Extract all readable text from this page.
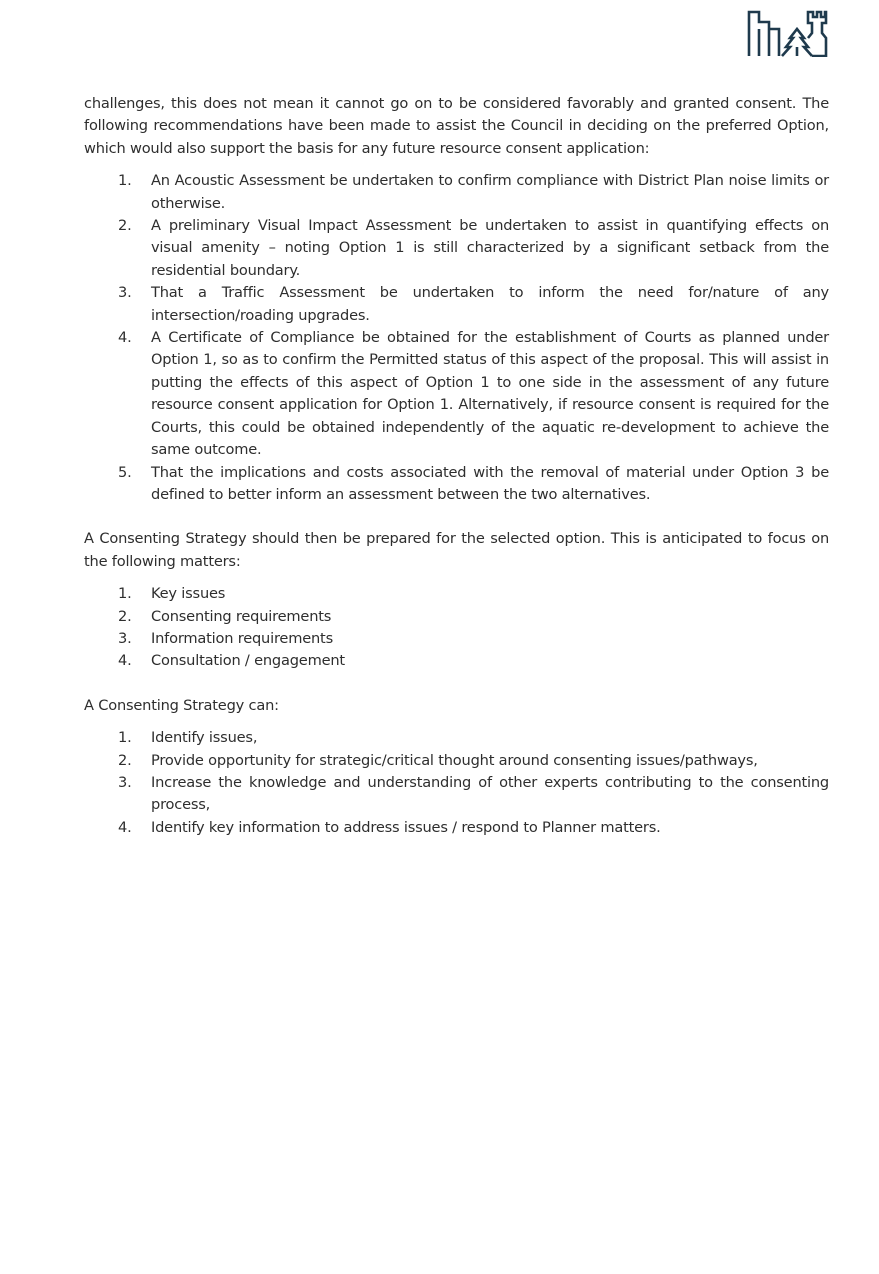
challenges, this does not mean it cannot go on to be considered favorably and granted consent. The following recommendations have been made to assist the Council in deciding on the preferred Option, which would also support the basis for any future resource consent application:

1. An Acoustic Assessment be undertaken to confirm compliance with District Plan noise limits or otherwise.
2. A preliminary Visual Impact Assessment be undertaken to assist in quantifying effects on visual amenity – noting Option 1 is still characterized by a significant setback from the residential boundary.
3. That a Traffic Assessment be undertaken to inform the need for/nature of any intersection/roading upgrades.
4. A Certificate of Compliance be obtained for the establishment of Courts as planned under Option 1, so as to confirm the Permitted status of this aspect of the proposal. This will assist in putting the effects of this aspect of Option 1 to one side in the assessment of any future resource consent application for Option 1. Alternatively, if resource consent is required for the Courts, this could be obtained independently of the aquatic re-development to achieve the same outcome.
5. That the implications and costs associated with the removal of material under Option 3 be defined to better inform an assessment between the two alternatives.

A Consenting Strategy should then be prepared for the selected option. This is anticipated to focus on the following matters:

1. Key issues
2. Consenting requirements
3. Information requirements
4. Consultation / engagement

A Consenting Strategy can:

1. Identify issues,
2. Provide opportunity for strategic/critical thought around consenting issues/pathways,
3. Increase the knowledge and understanding of other experts contributing to the consenting process,
4. Identify key information to address issues / respond to Planner matters.
